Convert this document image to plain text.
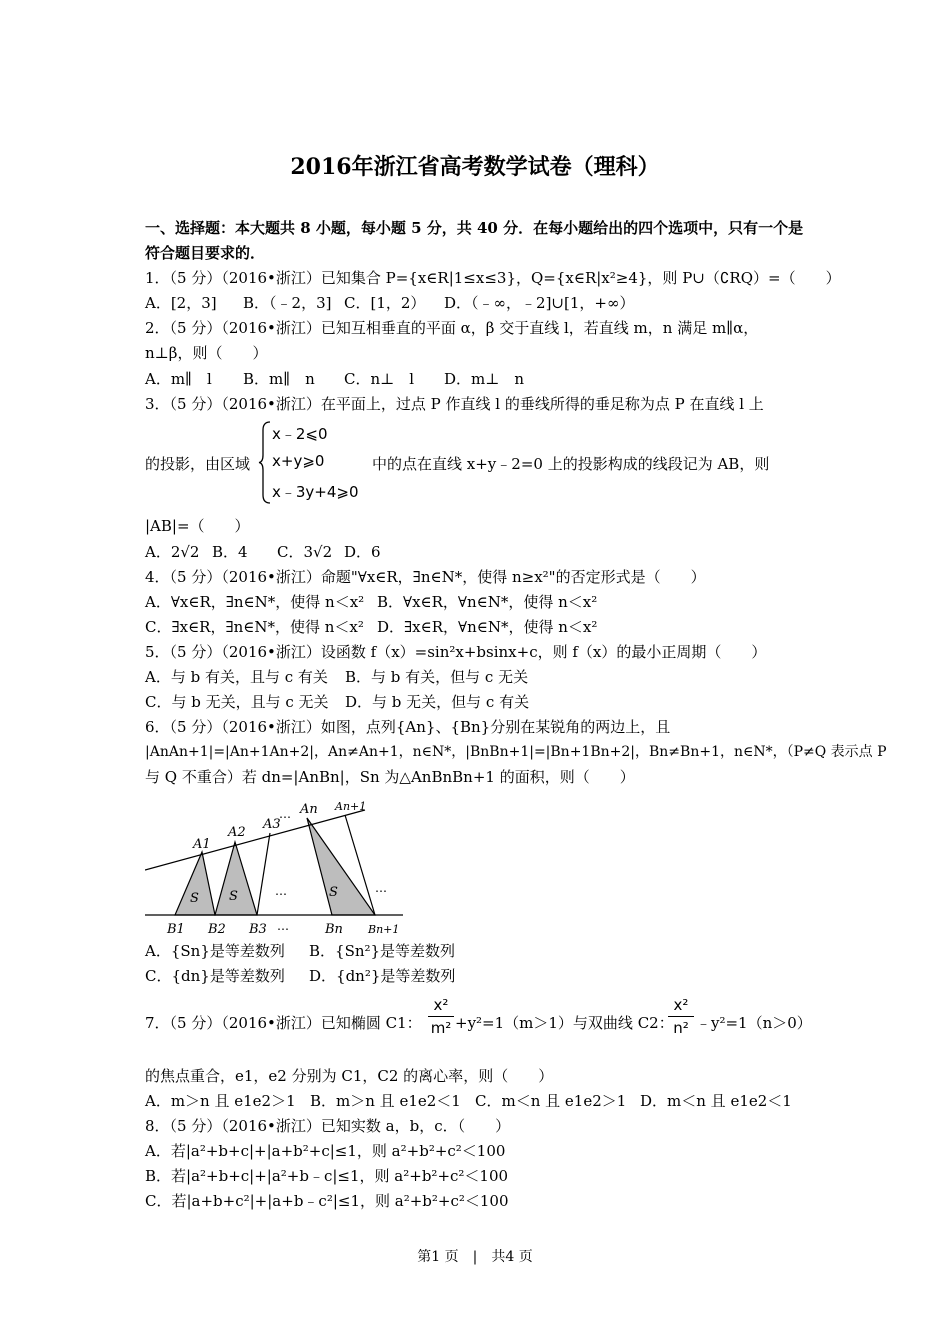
2016年浙江省高考数学试卷（理科）
一、选择题：本大题共 8 小题，每小题 5 分，共 40 分．在每小题给出的四个选项中，只有一个是符合题目要求的．
1．（5 分）（2016•浙江）已知集合 P={x∈R|1≤x≤3}，Q={x∈R|x²≥4}，则 P∪（∁RQ）=（　　）
A．[2，3] B．（﹣2，3] C．[1，2） D．（﹣∞，﹣2]∪[1，+∞）
2．（5 分）（2016•浙江）已知互相垂直的平面 α，β 交于直线 l，若直线 m，n 满足 m∥α，
n⊥β，则（　　）
A．m∥　l B．m∥　n C．n⊥　l D．m⊥　n
3．（5 分）（2016•浙江）在平面上，过点 P 作直线 l 的垂线所得的垂足称为点 P 在直线 l 上
的投影，由区域
x﹣2⩽0
x+y⩾0
x﹣3y+4⩾0
中的点在直线 x+y﹣2=0 上的投影构成的线段记为 AB，则
|AB|=（　　）
A．2√2 B．4 C．3√2 D．6
4．（5 分）（2016•浙江）命题"∀x∈R，∃n∈N*，使得 n≥x²"的否定形式是（　　）
A．∀x∈R，∃n∈N*，使得 n＜x² B．∀x∈R，∀n∈N*，使得 n＜x²
C．∃x∈R，∃n∈N*，使得 n＜x² D．∃x∈R，∀n∈N*，使得 n＜x²
5．（5 分）（2016•浙江）设函数 f（x）=sin²x+bsinx+c，则 f（x）的最小正周期（　　）
A．与 b 有关，且与 c 有关 B．与 b 有关，但与 c 无关
C．与 b 无关，且与 c 无关 D．与 b 无关，但与 c 有关
6．（5 分）（2016•浙江）如图，点列{An}、{Bn}分别在某锐角的两边上，且
|AnAn+1|=|An+1An+2|，An≠An+1，n∈N*，|BnBn+1|=|Bn+1Bn+2|，Bn≠Bn+1，n∈N*，（P≠Q 表示点 P
与 Q 不重合）若 dn=|AnBn|，Sn 为△AnBnBn+1 的面积，则（　　）
A1
A2
A3
An An+1
B1 B2 B3	Bn Bn+1
S S	S
…
…	…
…
A．{Sn}是等差数列 B．{Sn²}是等差数列
C．{dn}是等差数列 D．{dn²}是等差数列
7．（5 分）（2016•浙江）已知椭圆 C1：
x²
m² +y²=1（m＞1）与双曲线 C2：
x²
n² ﹣y²=1（n＞0）
的焦点重合，e1，e2 分别为 C1，C2 的离心率，则（　　）
A．m＞n 且 e1e2＞1 B．m＞n 且 e1e2＜1 C．m＜n 且 e1e2＞1 D．m＜n 且 e1e2＜1
8．（5 分）（2016•浙江）已知实数 a，b，c．（　　）
A．若|a²+b+c|+|a+b²+c|≤1，则 a²+b²+c²＜100
B．若|a²+b+c|+|a²+b﹣c|≤1，则 a²+b²+c²＜100
C．若|a+b+c²|+|a+b﹣c²|≤1，则 a²+b²+c²＜100
第1 页　|　共4 页
